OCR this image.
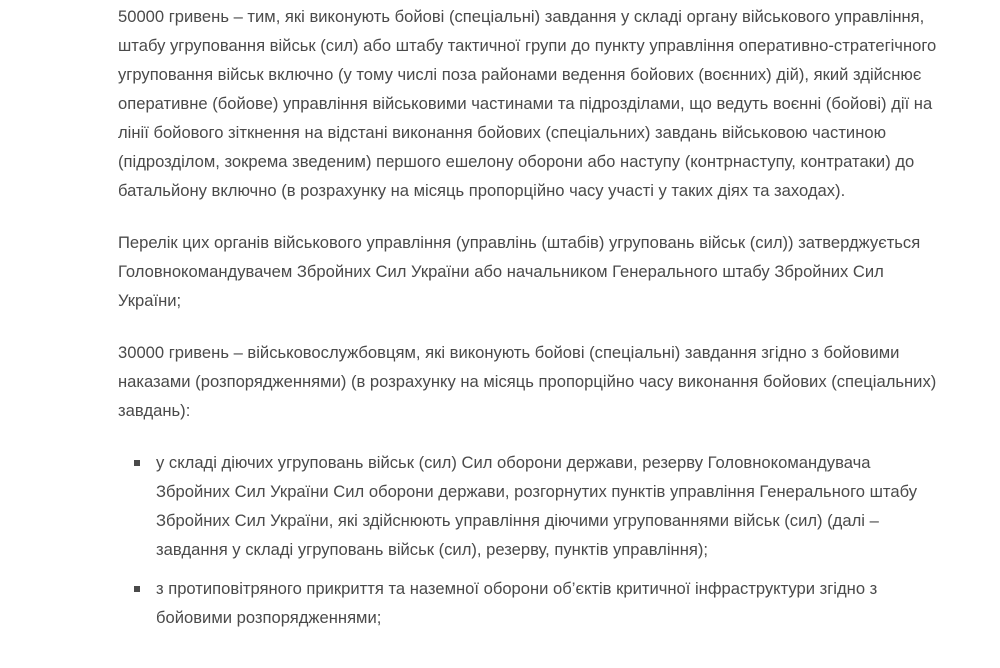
50000 гривень – тим, які виконують бойові (спеціальні) завдання у складі органу військового управління, штабу угруповання військ (сил) або штабу тактичної групи до пункту управління оперативно-стратегічного угруповання військ включно (у тому числі поза районами ведення бойових (воєнних) дій), який здійснює оперативне (бойове) управління військовими частинами та підрозділами, що ведуть воєнні (бойові) дії на лінії бойового зіткнення на відстані виконання бойових (спеціальних) завдань військовою частиною (підрозділом, зокрема зведеним) першого ешелону оборони або наступу (контрнаступу, контратаки) до батальйону включно (в розрахунку на місяць пропорційно часу участі у таких діях та заходах).

Перелік цих органів військового управління (управлінь (штабів) угруповань військ (сил)) затверджується Головнокомандувачем Збройних Сил України або начальником Генерального штабу Збройних Сил України;

30000 гривень – військовослужбовцям, які виконують бойові (спеціальні) завдання згідно з бойовими наказами (розпорядженнями) (в розрахунку на місяць пропорційно часу виконання бойових (спеціальних) завдань):

у складі діючих угруповань військ (сил) Сил оборони держави, резерву Головнокомандувача Збройних Сил України Сил оборони держави, розгорнутих пунктів управління Генерального штабу Збройних Сил України, які здійснюють управління діючими угрупованнями військ (сил) (далі – завдання у складі угруповань військ (сил), резерву, пунктів управління);
з протиповітряного прикриття та наземної оборони об’єктів критичної інфраструктури згідно з бойовими розпорядженнями;
